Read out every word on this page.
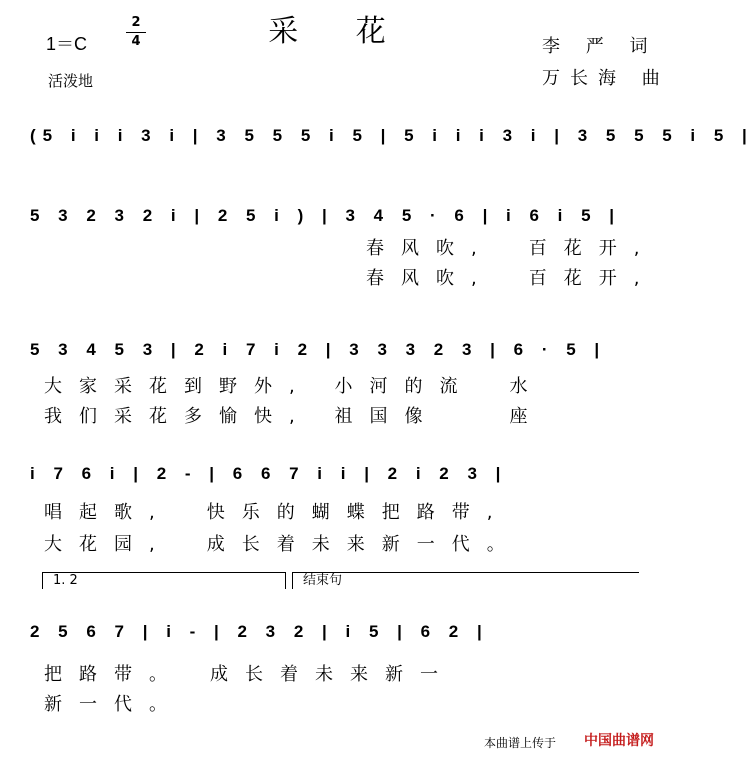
采 花
1＝C
2
4
活泼地
李 严 词
万长海 曲
(5 i i i 3 i | 3 5 5 5 i 5 | 5 i i i 3 i | 3 5 5 5 i 5 |
5 3 2 3 2 i | 2 5 i ) | 3 4 5 · 6 | i 6 i 5 |
春风吹,　百花开,
春风吹,　百花开,
5 3 4 5 3 | 2 i 7 i 2 | 3 3 3 2 3 | 6 · 5 |
大家采花到野外, 小河的流　水
我们采花多愉快, 祖国像　　座
i 7 6 i | 2 - | 6 6 7 i i | 2 i 2 3 |
唱起歌,　快乐的蝴蝶把路带,
大花园,　成长着未来新一代。
1. 2	结束句
2 5 6 7 | i - | 2 3 2 | i 5 | 6 2 |
把路带。　成长着未来新一
新一代。
本曲谱上传于 中国曲谱网
